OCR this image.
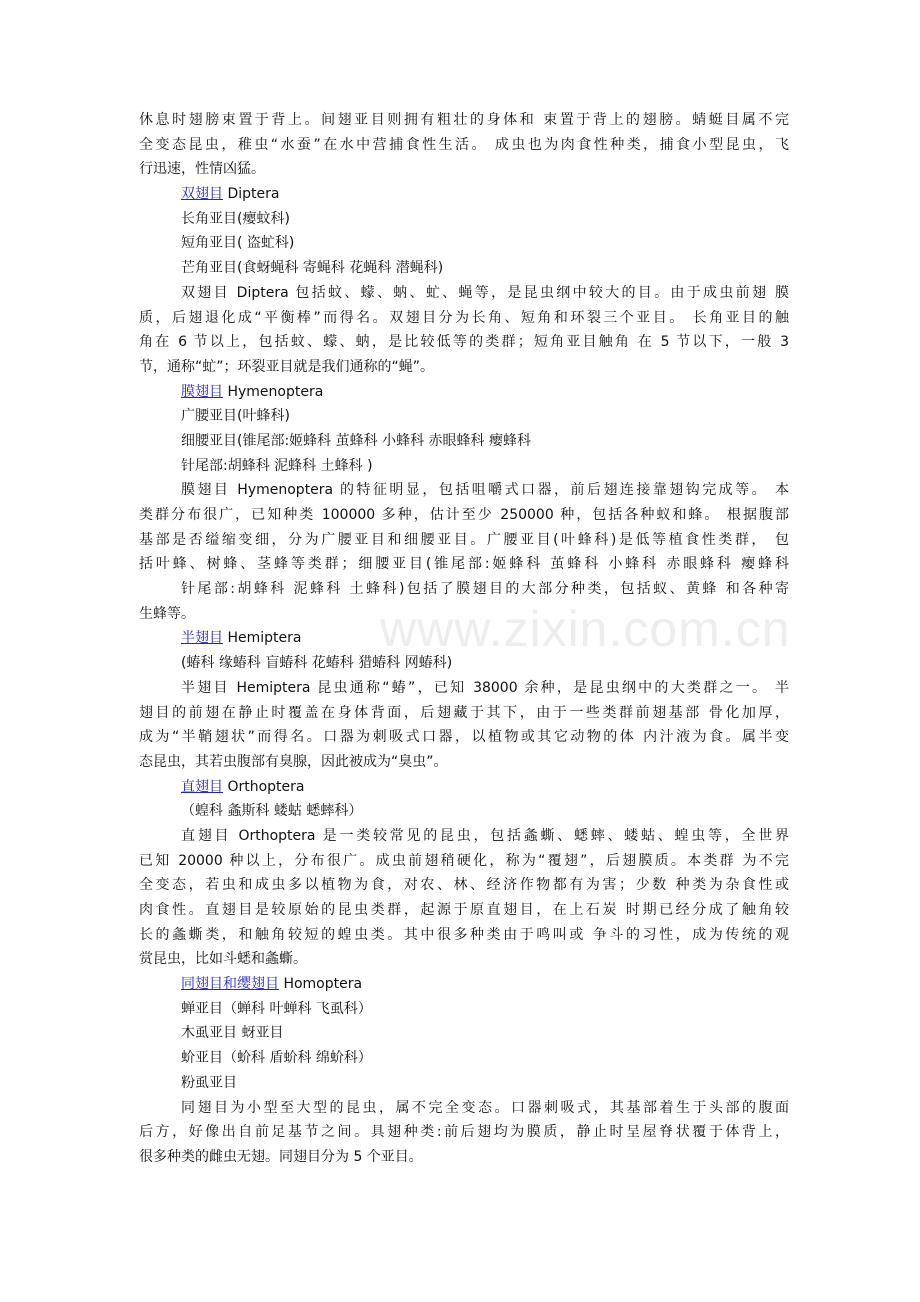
www.zixin.com.cn
休息时翅膀束置于背上。间翅亚目则拥有粗壮的身体和 束置于背上的翅膀。蜻蜓目属不完
全变态昆虫，稚虫“水蚕”在水中营捕食性生活。 成虫也为肉食性种类，捕食小型昆虫，飞
行迅速，性情凶猛。
双翅目 Diptera
长角亚目(瘿蚊科)
短角亚目( 盗虻科)
芒角亚目(食蚜蝇科 寄蝇科 花蝇科 潜蝇科)
双翅目 Diptera 包括蚊、蠓、蚋、虻、蝇等，是昆虫纲中较大的目。由于成虫前翅 膜
质，后翅退化成“平衡棒”而得名。双翅目分为长角、短角和环裂三个亚目。 长角亚目的触
角在 6 节以上，包括蚊、蠓、蚋，是比较低等的类群；短角亚目触角 在 5 节以下，一般 3
节，通称“虻”；环裂亚目就是我们通称的“蝇”。
膜翅目 Hymenoptera
广腰亚目(叶蜂科)
细腰亚目(锥尾部:姬蜂科 茧蜂科 小蜂科 赤眼蜂科 瘿蜂科
针尾部:胡蜂科 泥蜂科 土蜂科 )
膜翅目 Hymenoptera 的特征明显，包括咀嚼式口器，前后翅连接靠翅钩完成等。 本
类群分布很广，已知种类 100000 多种，估计至少 250000 种，包括各种蚁和蜂。 根据腹部
基部是否缢缩变细，分为广腰亚目和细腰亚目。广腰亚目(叶蜂科)是低等植食性类群， 包
括叶蜂、树蜂、茎蜂等类群；细腰亚目(锥尾部:姬蜂科 茧蜂科 小蜂科 赤眼蜂科 瘿蜂科
针尾部:胡蜂科 泥蜂科 土蜂科)包括了膜翅目的大部分种类，包括蚁、黄蜂 和各种寄
生蜂等。
半翅目 Hemiptera
(蝽科 缘蝽科 盲蝽科 花蝽科 猎蝽科 网蝽科)
半翅目 Hemiptera 昆虫通称“蝽”，已知 38000 余种，是昆虫纲中的大类群之一。 半
翅目的前翅在静止时覆盖在身体背面，后翅藏于其下，由于一些类群前翅基部 骨化加厚，
成为“半鞘翅状”而得名。口器为刺吸式口器，以植物或其它动物的体 内汁液为食。属半变
态昆虫，其若虫腹部有臭腺，因此被成为“臭虫”。
直翅目 Orthoptera
（蝗科 螽斯科 蝼蛄 蟋蟀科）
直翅目 Orthoptera 是一类较常见的昆虫，包括螽蟖、蟋蟀、蝼蛄、蝗虫等，全世界
已知 20000 种以上，分布很广。成虫前翅稍硬化，称为“覆翅”，后翅膜质。本类群 为不完
全变态，若虫和成虫多以植物为食，对农、林、经济作物都有为害；少数 种类为杂食性或
肉食性。直翅目是较原始的昆虫类群，起源于原直翅目，在上石炭 时期已经分成了触角较
长的螽蟖类，和触角较短的蝗虫类。其中很多种类由于鸣叫或 争斗的习性，成为传统的观
赏昆虫，比如斗蟋和螽蟖。
同翅目和缨翅目 Homoptera
蝉亚目（蝉科 叶蝉科 飞虱科）
木虱亚目 蚜亚目
蚧亚目（蚧科 盾蚧科 绵蚧科）
粉虱亚目
同翅目为小型至大型的昆虫，属不完全变态。口器刺吸式，其基部着生于头部的腹面
后方，好像出自前足基节之间。具翅种类:前后翅均为膜质，静止时呈屋脊状覆于体背上，
很多种类的雌虫无翅。同翅目分为 5 个亚目。
